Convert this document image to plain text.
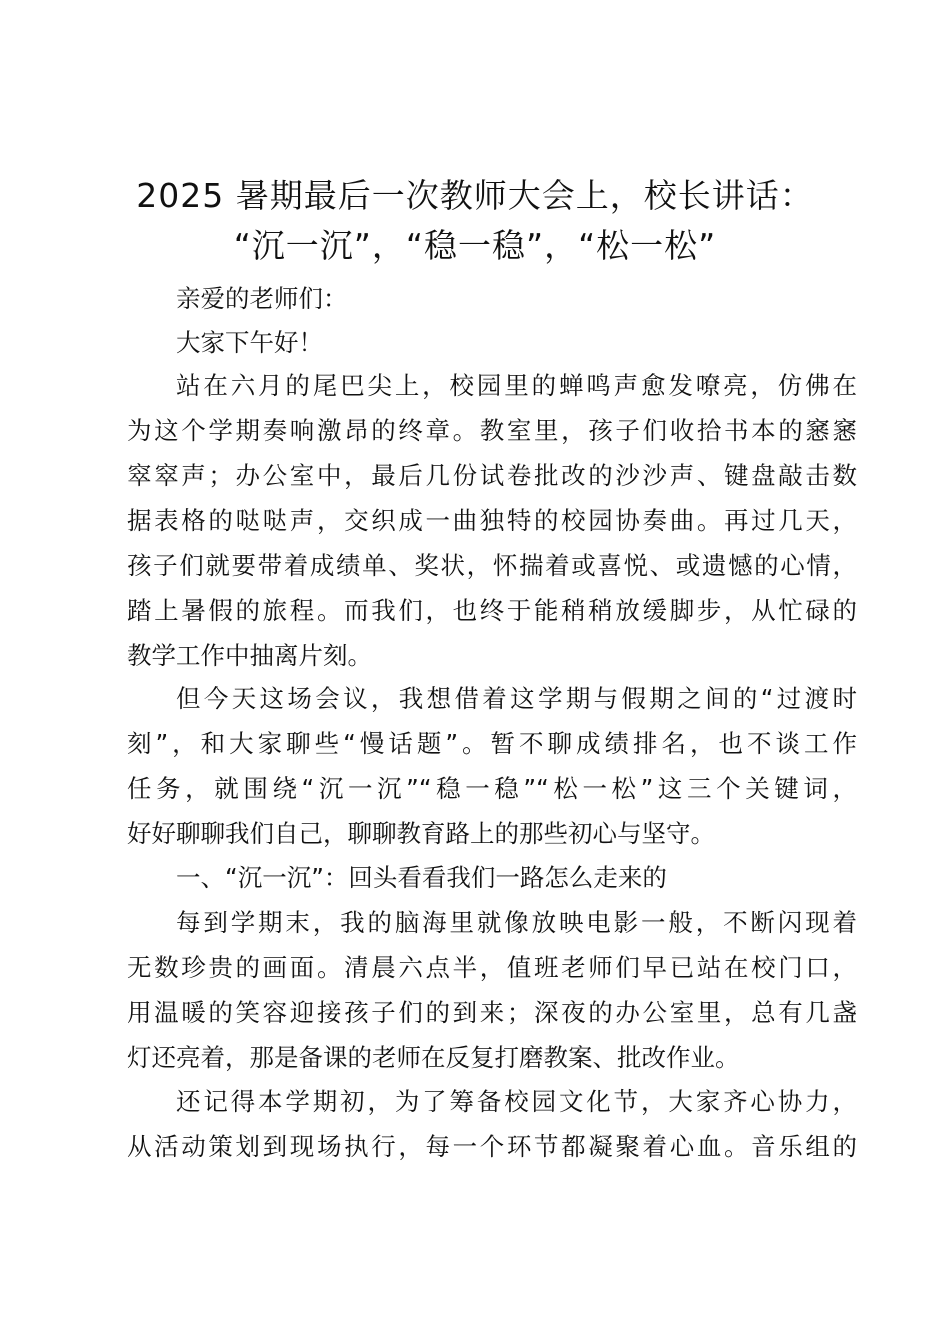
2025 暑期最后一次教师大会上，校长讲话：
“沉一沉”，“稳一稳”，“松一松”

亲爱的老师们：

大家下午好！

站在六月的尾巴尖上，校园里的蝉鸣声愈发嘹亮，仿佛在

为这个学期奏响激昂的终章。教室里，孩子们收拾书本的窸窸

窣窣声；办公室中，最后几份试卷批改的沙沙声、键盘敲击数

据表格的哒哒声，交织成一曲独特的校园协奏曲。再过几天，

孩子们就要带着成绩单、奖状，怀揣着或喜悦、或遗憾的心情，

踏上暑假的旅程。而我们，也终于能稍稍放缓脚步，从忙碌的

教学工作中抽离片刻。

但今天这场会议，我想借着这学期与假期之间的“过渡时

刻”，和大家聊些“慢话题”。暂不聊成绩排名，也不谈工作

任务，就围绕“沉一沉”“稳一稳”“松一松”这三个关键词，

好好聊聊我们自己，聊聊教育路上的那些初心与坚守。

一、“沉一沉”：回头看看我们一路怎么走来的

每到学期末，我的脑海里就像放映电影一般，不断闪现着

无数珍贵的画面。清晨六点半，值班老师们早已站在校门口，

用温暖的笑容迎接孩子们的到来；深夜的办公室里，总有几盏

灯还亮着，那是备课的老师在反复打磨教案、批改作业。

还记得本学期初，为了筹备校园文化节，大家齐心协力，

从活动策划到现场执行，每一个环节都凝聚着心血。音乐组的
